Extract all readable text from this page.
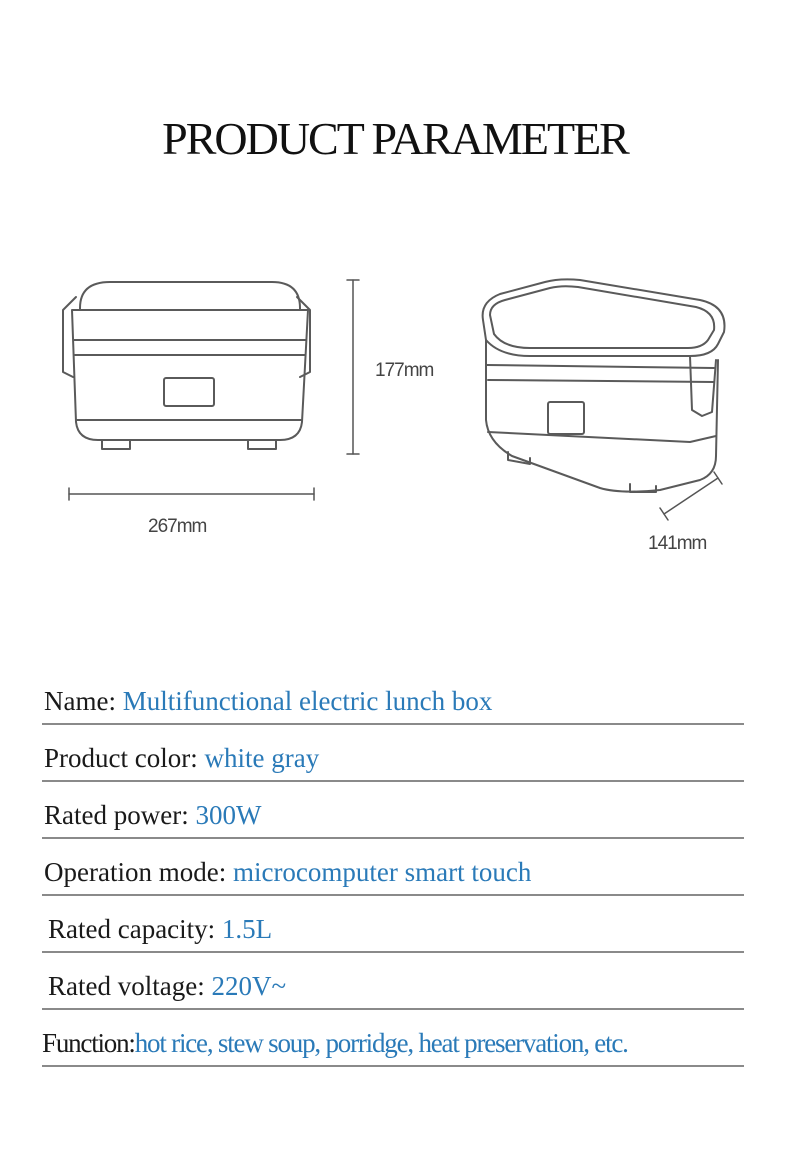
PRODUCT PARAMETER
177mm
267mm
141mm
Name: Multifunctional electric lunch box
Product color: white gray
Rated power: 300W
Operation mode: microcomputer smart touch
Rated capacity: 1.5L
Rated voltage: 220V~
Function:hot rice, stew soup, porridge, heat preservation, etc.
